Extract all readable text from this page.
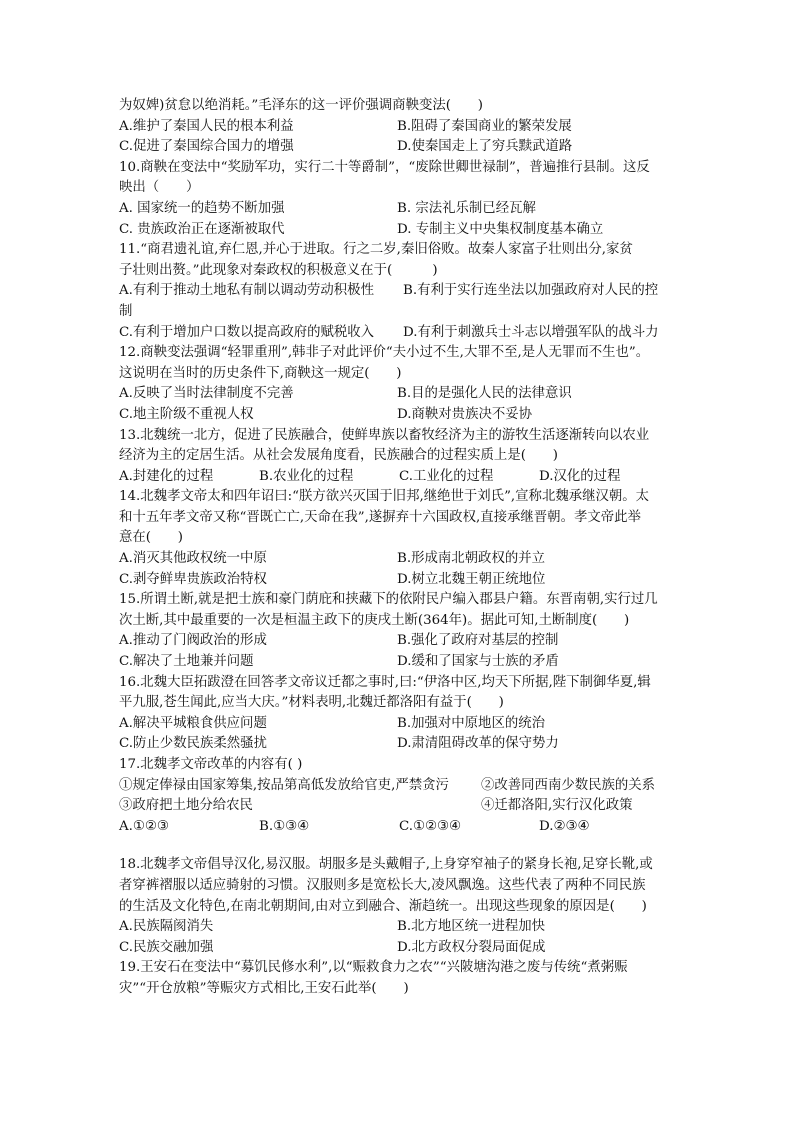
为奴婢)贫怠以绝消耗。”毛泽东的这一评价强调商鞅变法(　　)
A.维护了秦国人民的根本利益	B.阻碍了秦国商业的繁荣发展
C.促进了秦国综合国力的增强	D.使秦国走上了穷兵黩武道路
10.商鞅在变法中“奖励军功，实行二十等爵制”，“废除世卿世禄制”，普遍推行县制。这反
映出（　　）
A. 国家统一的趋势不断加强	B. 宗法礼乐制已经瓦解
C. 贵族政治正在逐渐被取代	D. 专制主义中央集权制度基本确立
11.“商君遗礼谊,弃仁恩,并心于进取。行之二岁,秦旧俗败。故秦人家富子壮则出分,家贫
子壮则出赘。”此现象对秦政权的积极意义在于(　　　)
A.有利于推动土地私有制以调动劳动积极性	B.有利于实行连坐法以加强政府对人民的控
制
C.有利于增加户口数以提高政府的赋税收入	D.有利于刺激兵士斗志以增强军队的战斗力
12.商鞅变法强调“轻罪重刑”,韩非子对此评价“夫小过不生,大罪不至,是人无罪而不生也”。
这说明在当时的历史条件下,商鞅这一规定(　　)
A.反映了当时法律制度不完善	B.目的是强化人民的法律意识
C.地主阶级不重视人权	D.商鞅对贵族决不妥协
13.北魏统一北方，促进了民族融合，使鲜卑族以畜牧经济为主的游牧生活逐渐转向以农业
经济为主的定居生活。从社会发展角度看，民族融合的过程实质上是(　　)
A.封建化的过程	B.农业化的过程	C.工业化的过程	D.汉化的过程
14.北魏孝文帝太和四年诏曰:“朕方欲兴灭国于旧邦,继绝世于刘氏”,宣称北魏承继汉朝。太
和十五年孝文帝又称“晋既亡亡,天命在我”,遂摒弃十六国政权,直接承继晋朝。孝文帝此举
意在(　　)
A.消灭其他政权统一中原	B.形成南北朝政权的并立
C.剥夺鲜卑贵族政治特权	D.树立北魏王朝正统地位
15.所谓土断,就是把士族和豪门荫庇和挟藏下的依附民户编入郡县户籍。东晋南朝,实行过几
次土断,其中最重要的一次是桓温主政下的庚戌土断(364年)。据此可知,土断制度(　　)
A.推动了门阀政治的形成	B.强化了政府对基层的控制
C.解决了土地兼并问题	D.缓和了国家与士族的矛盾
16.北魏大臣拓跋澄在回答孝文帝议迁都之事时,曰:“伊洛中区,均天下所据,陛下制御华夏,辑
平九服,苍生闻此,应当大庆。”材料表明,北魏迁都洛阳有益于(　　)
A.解决平城粮食供应问题	B.加强对中原地区的统治
C.防止少数民族柔然骚扰	D.肃清阻碍改革的保守势力
17.北魏孝文帝改革的内容有( )
①规定俸禄由国家筹集,按品第高低发放给官吏,严禁贪污	②改善同西南少数民族的关系
③政府把土地分给农民	④迁都洛阳,实行汉化政策
A.①②③	B.①③④	C.①②③④	D.②③④
18.北魏孝文帝倡导汉化,易汉服。胡服多是头戴帽子,上身穿窄袖子的紧身长袍,足穿长靴,或
者穿裤褶服以适应骑射的习惯。汉服则多是宽松长大,凌风飘逸。这些代表了两种不同民族
的生活及文化特色,在南北朝期间,由对立到融合、渐趋统一。出现这些现象的原因是(　　)
A.民族隔阂消失	B.北方地区统一进程加快
C.民族交融加强	D.北方政权分裂局面促成
19.王安石在变法中“募饥民修水利”,以“赈救食力之农”“兴陂塘沟港之废与传统“煮粥赈
灾”“开仓放粮”等赈灾方式相比,王安石此举(　　)
